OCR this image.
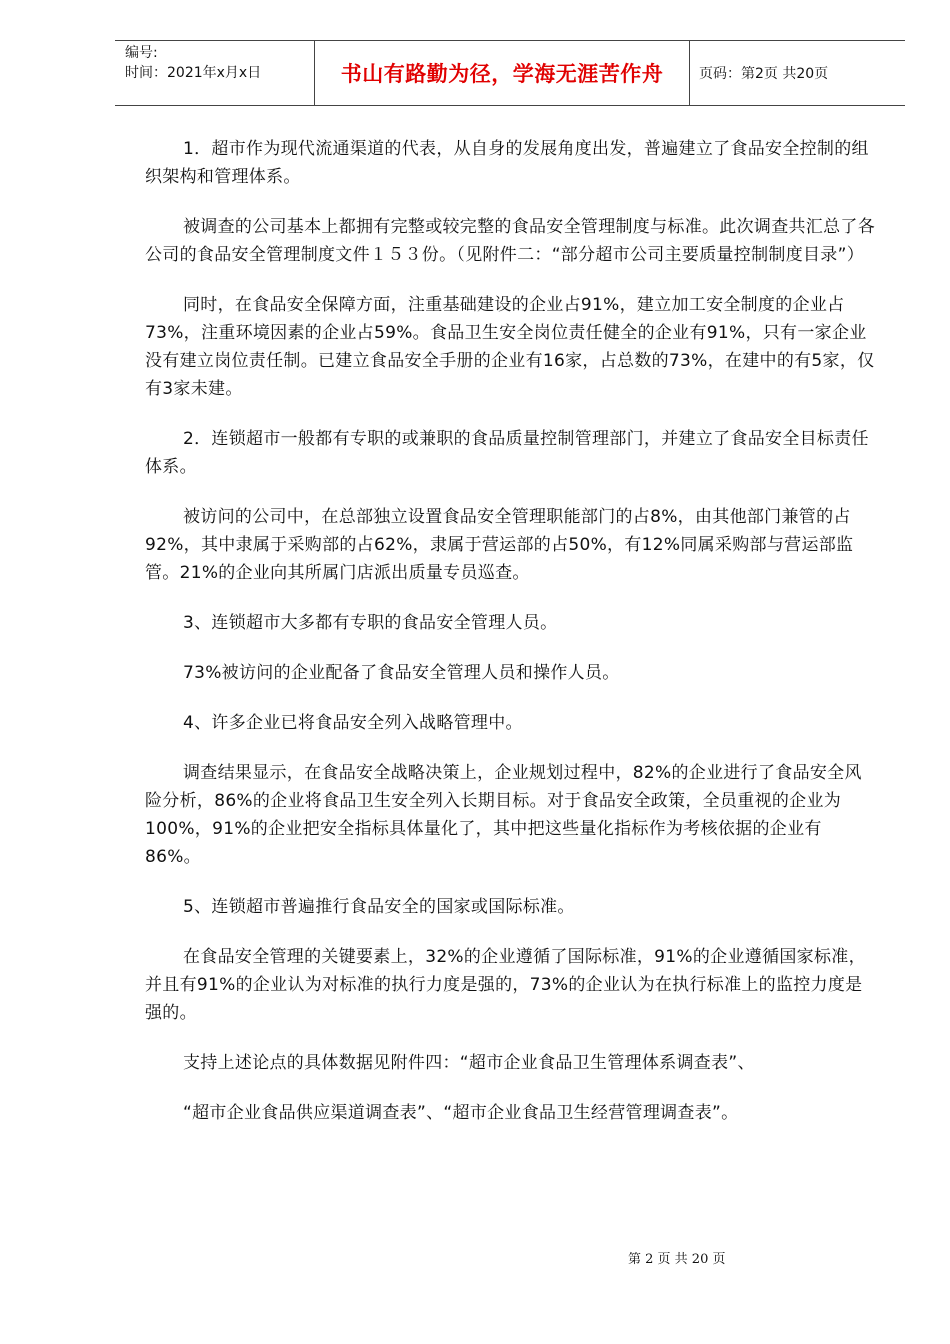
编号:
时间：2021年x月x日	书山有路勤为径，学海无涯苦作舟	页码：第2页 共20页

1．超市作为现代流通渠道的代表，从自身的发展角度出发，普遍建立了食品安全控制的组织架构和管理体系。

被调查的公司基本上都拥有完整或较完整的食品安全管理制度与标准。此次调查共汇总了各公司的食品安全管理制度文件１５３份。（见附件二：“部分超市公司主要质量控制制度目录”）

同时，在食品安全保障方面，注重基础建设的企业占91%，建立加工安全制度的企业占73%，注重环境因素的企业占59%。食品卫生安全岗位责任健全的企业有91%，只有一家企业没有建立岗位责任制。已建立食品安全手册的企业有16家，占总数的73%，在建中的有5家，仅有3家未建。

2．连锁超市一般都有专职的或兼职的食品质量控制管理部门，并建立了食品安全目标责任体系。

被访问的公司中，在总部独立设置食品安全管理职能部门的占8%，由其他部门兼管的占92%，其中隶属于采购部的占62%，隶属于营运部的占50%，有12%同属采购部与营运部监管。21%的企业向其所属门店派出质量专员巡查。

3、连锁超市大多都有专职的食品安全管理人员。

73%被访问的企业配备了食品安全管理人员和操作人员。

4、许多企业已将食品安全列入战略管理中。

调查结果显示，在食品安全战略决策上，企业规划过程中，82%的企业进行了食品安全风险分析，86%的企业将食品卫生安全列入长期目标。对于食品安全政策，全员重视的企业为100%，91%的企业把安全指标具体量化了，其中把这些量化指标作为考核依据的企业有86%。

5、连锁超市普遍推行食品安全的国家或国际标准。

在食品安全管理的关键要素上，32%的企业遵循了国际标准，91%的企业遵循国家标准，并且有91%的企业认为对标准的执行力度是强的，73%的企业认为在执行标准上的监控力度是强的。

支持上述论点的具体数据见附件四：“超市企业食品卫生管理体系调查表”、

“超市企业食品供应渠道调查表”、“超市企业食品卫生经营管理调查表”。

第 2 页 共 20 页
